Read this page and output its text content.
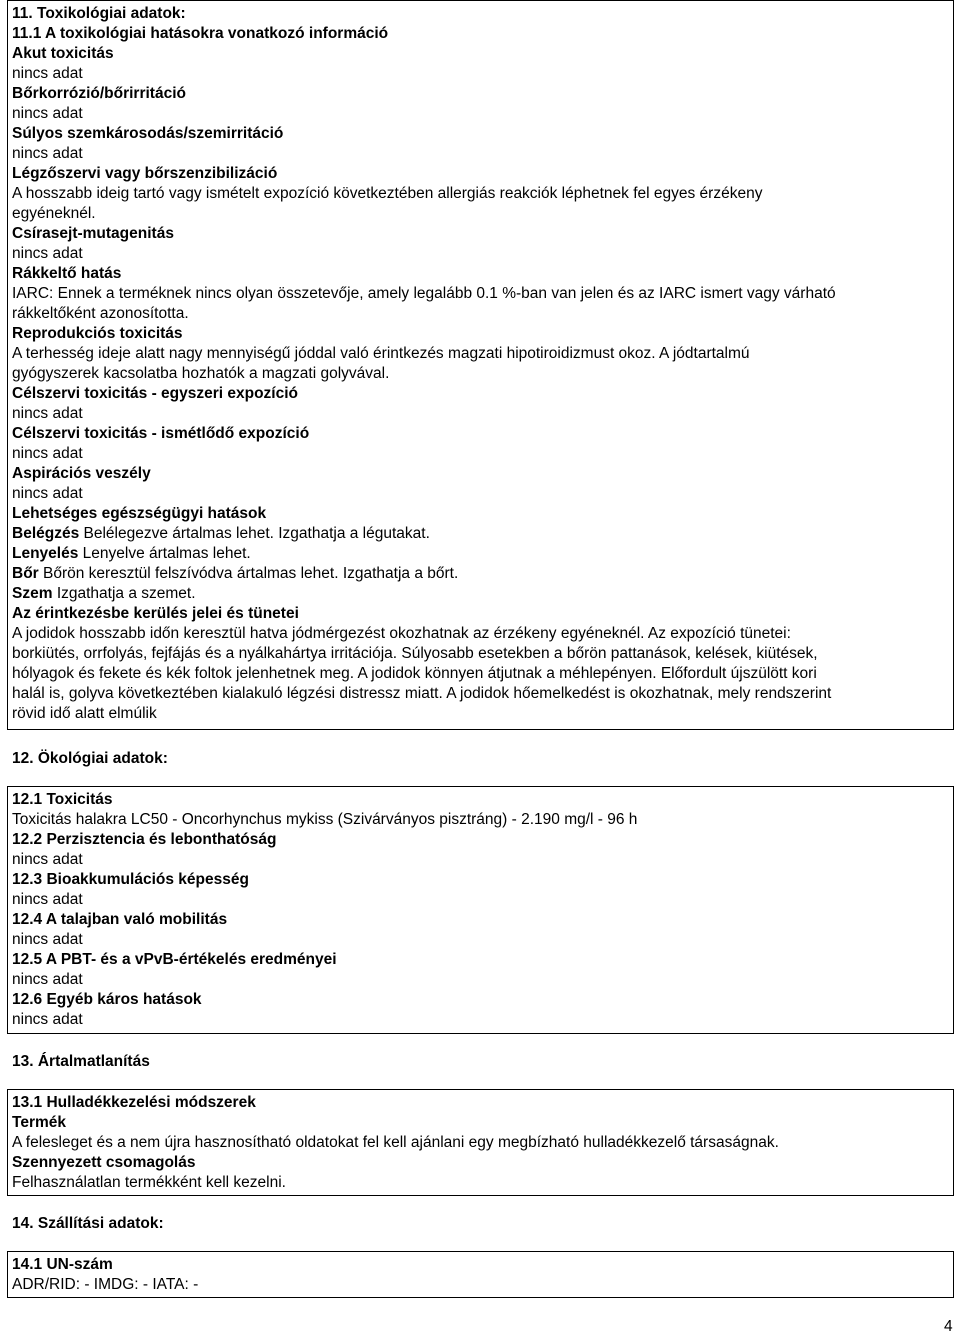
11. Toxikológiai adatok:
11.1 A toxikológiai hatásokra vonatkozó információ
Akut toxicitás
nincs adat
Bőrkorrózió/bőrirritáció
nincs adat
Súlyos szemkárosodás/szemirritáció
nincs adat
Légzőszervi vagy bőrszenzibilizáció
A hosszabb ideig tartó vagy ismételt expozíció következtében allergiás reakciók léphetnek fel egyes érzékeny
egyéneknél.
Csírasejt-mutagenitás
nincs adat
Rákkeltő hatás
IARC: Ennek a terméknek nincs olyan összetevője, amely legalább 0.1 %-ban van jelen és az IARC ismert vagy várható
rákkeltőként azonosította.
Reprodukciós toxicitás
A terhesség ideje alatt nagy mennyiségű jóddal való érintkezés magzati hipotiroidizmust okoz. A jódtartalmú
gyógyszerek kacsolatba hozhatók a magzati golyvával.
Célszervi toxicitás - egyszeri expozíció
nincs adat
Célszervi toxicitás - ismétlődő expozíció
nincs adat
Aspirációs veszély
nincs adat
Lehetséges egészségügyi hatások
Belégzés Belélegezve ártalmas lehet. Izgathatja a légutakat.
Lenyelés Lenyelve ártalmas lehet.
Bőr Bőrön keresztül felszívódva ártalmas lehet. Izgathatja a bőrt.
Szem Izgathatja a szemet.
Az érintkezésbe kerülés jelei és tünetei
A jodidok hosszabb időn keresztül hatva jódmérgezést okozhatnak az érzékeny egyéneknél. Az expozíció tünetei:
borkiütés, orrfolyás, fejfájás és a nyálkahártya irritációja. Súlyosabb esetekben a bőrön pattanások, kelések, kiütések,
hólyagok és fekete és kék foltok jelenhetnek meg. A jodidok könnyen átjutnak a méhlepényen. Előfordult újszülött kori
halál is, golyva következtében kialakuló légzési distressz miatt. A jodidok hőemelkedést is okozhatnak, mely rendszerint
rövid idő alatt elmúlik
12. Ökológiai adatok:
12.1 Toxicitás
Toxicitás halakra LC50 - Oncorhynchus mykiss (Szivárványos pisztráng) - 2.190 mg/l - 96 h
12.2 Perzisztencia és lebonthatóság
nincs adat
12.3 Bioakkumulációs képesség
nincs adat
12.4 A talajban való mobilitás
nincs adat
12.5 A PBT- és a vPvB-értékelés eredményei
nincs adat
12.6 Egyéb káros hatások
nincs adat
13. Ártalmatlanítás
13.1 Hulladékkezelési módszerek
Termék
A felesleget és a nem újra hasznosítható oldatokat fel kell ajánlani egy megbízható hulladékkezelő társaságnak.
Szennyezett csomagolás
Felhasználatlan termékként kell kezelni.
14. Szállítási adatok:
14.1 UN-szám
ADR/RID: - IMDG: - IATA: -
4
